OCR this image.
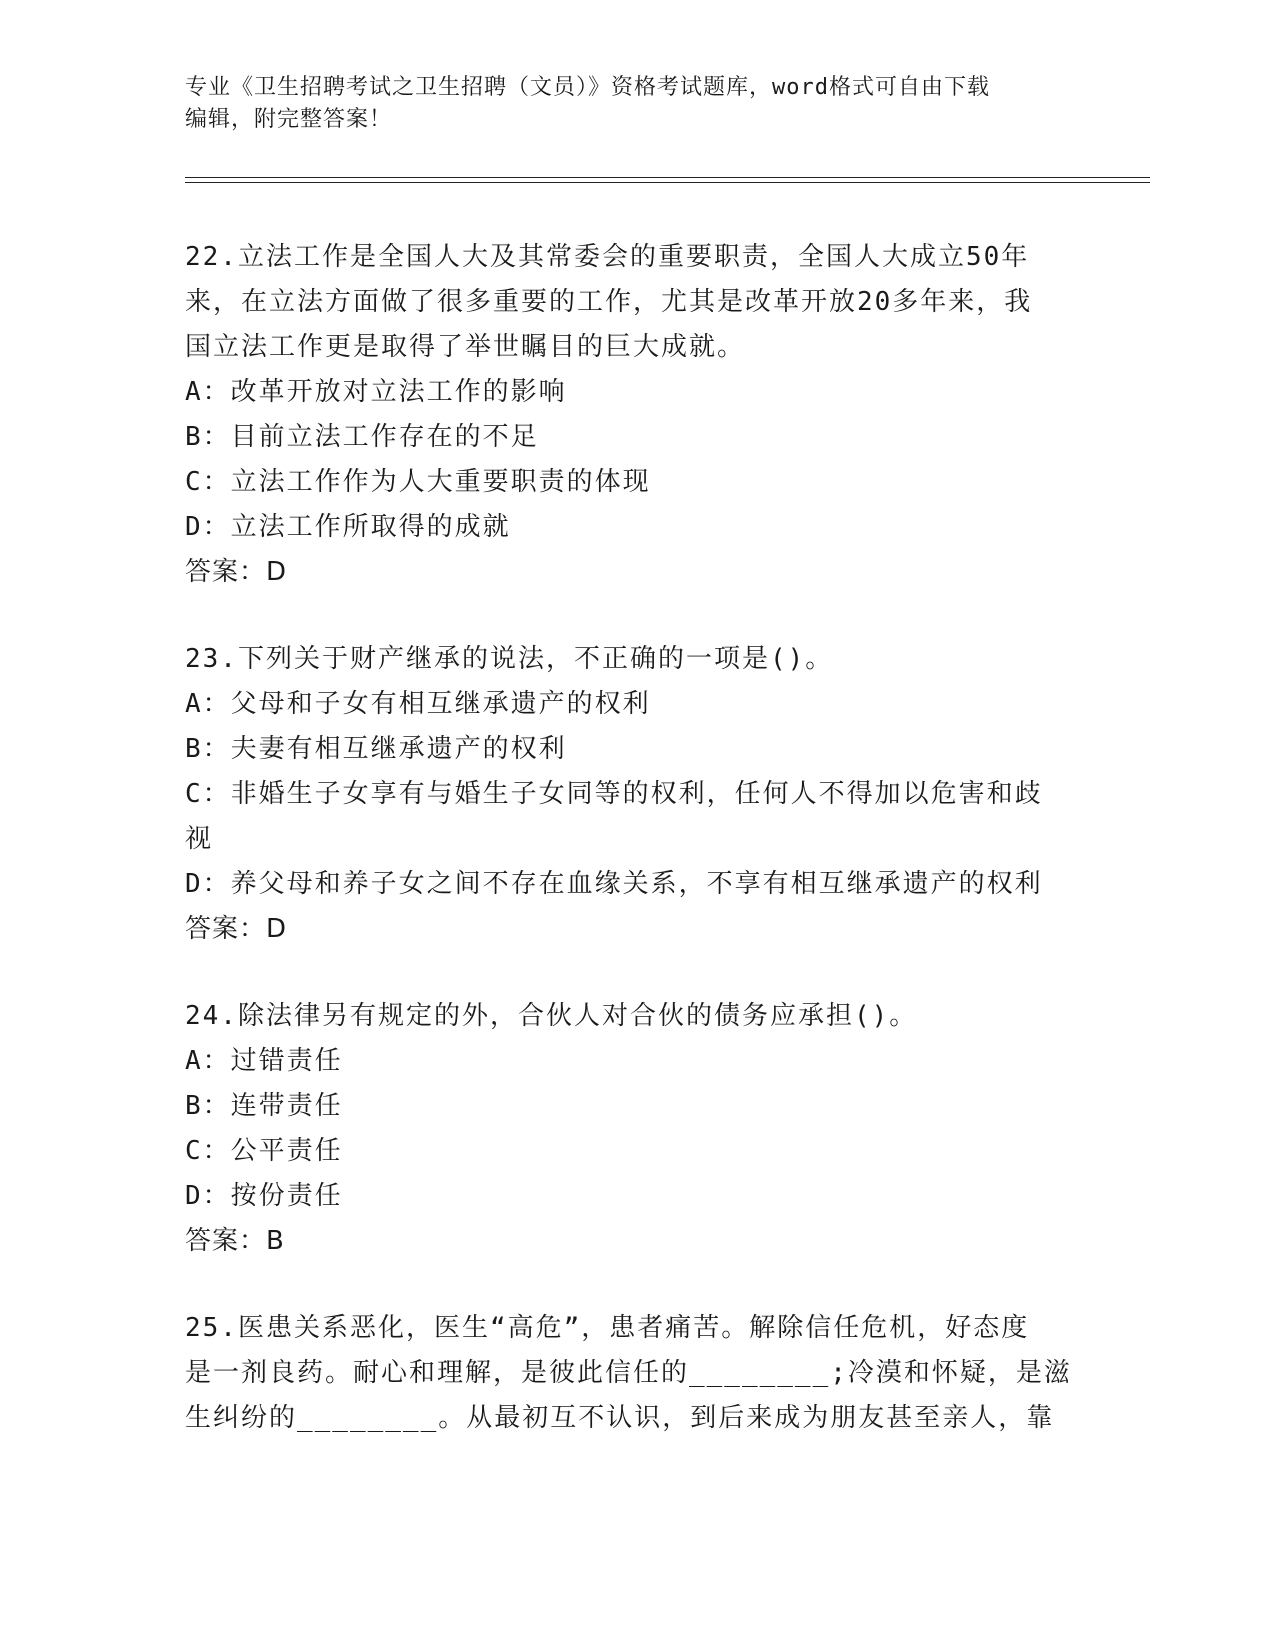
专业《卫生招聘考试之卫生招聘（文员）》资格考试题库，word格式可自由下载
编辑，附完整答案！
22.立法工作是全国人大及其常委会的重要职责，全国人大成立50年
来，在立法方面做了很多重要的工作，尤其是改革开放20多年来，我
国立法工作更是取得了举世瞩目的巨大成就。
A：改革开放对立法工作的影响
B：目前立法工作存在的不足
C：立法工作作为人大重要职责的体现
D：立法工作所取得的成就
答案：D
23.下列关于财产继承的说法，不正确的一项是()。
A：父母和子女有相互继承遗产的权利
B：夫妻有相互继承遗产的权利
C：非婚生子女享有与婚生子女同等的权利，任何人不得加以危害和歧
视
D：养父母和养子女之间不存在血缘关系，不享有相互继承遗产的权利
答案：D
24.除法律另有规定的外，合伙人对合伙的债务应承担()。
A：过错责任
B：连带责任
C：公平责任
D：按份责任
答案：B
25.医患关系恶化，医生“高危”，患者痛苦。解除信任危机，好态度
是一剂良药。耐心和理解，是彼此信任的________;冷漠和怀疑，是滋
生纠纷的________。从最初互不认识，到后来成为朋友甚至亲人，靠
